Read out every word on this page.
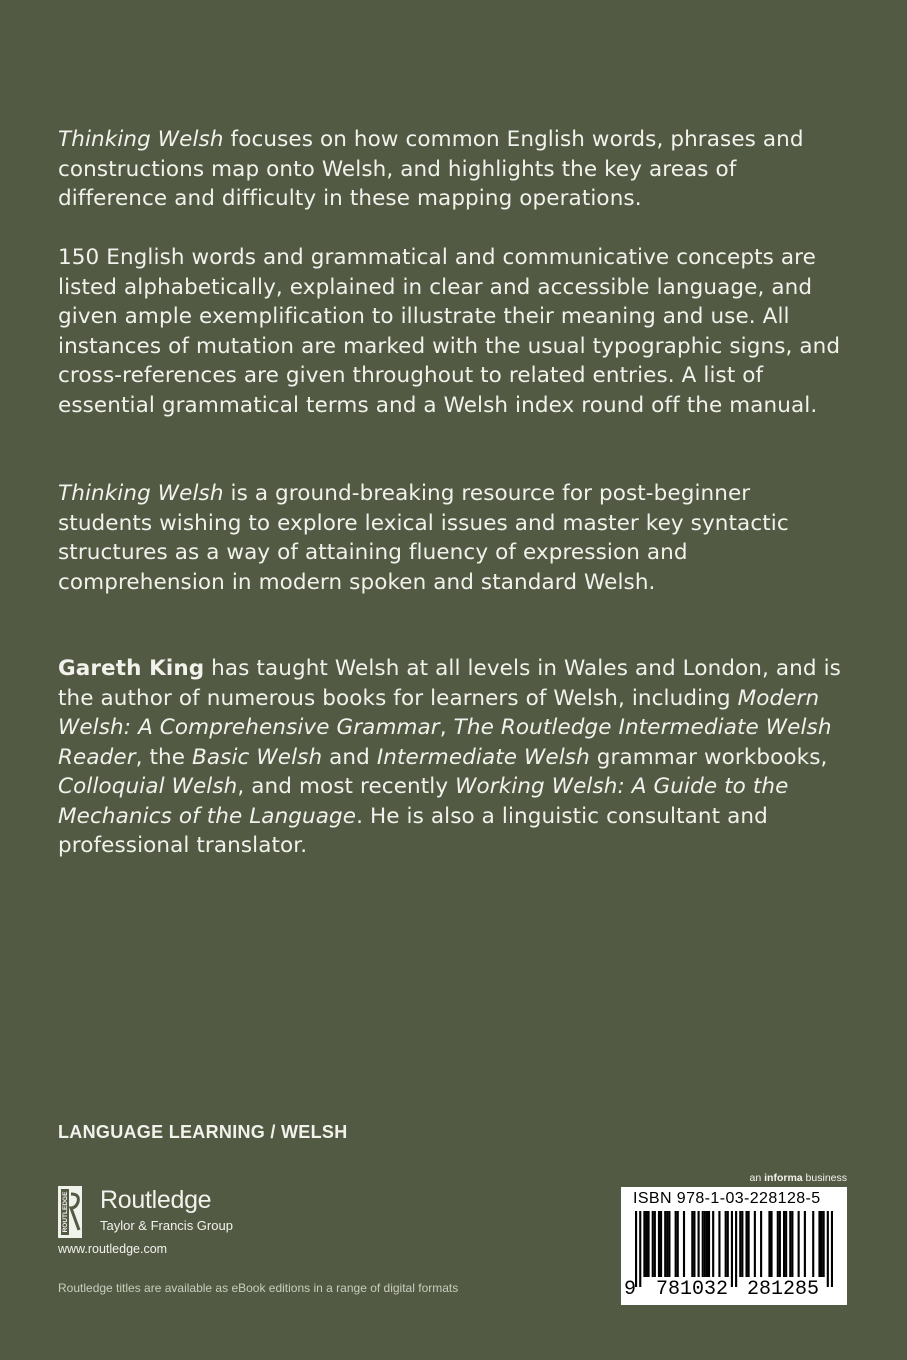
Thinking Welsh focuses on how common English words, phrases and constructions map onto Welsh, and highlights the key areas of difference and difficulty in these mapping operations.

150 English words and grammatical and communicative concepts are listed alphabetically, explained in clear and accessible language, and given ample exemplification to illustrate their meaning and use. All instances of mutation are marked with the usual typographic signs, and cross-references are given throughout to related entries. A list of essential grammatical terms and a Welsh index round off the manual.

Thinking Welsh is a ground-breaking resource for post-beginner students wishing to explore lexical issues and master key syntactic structures as a way of attaining fluency of expression and comprehension in modern spoken and standard Welsh.

Gareth King has taught Welsh at all levels in Wales and London, and is the author of numerous books for learners of Welsh, including Modern Welsh: A Comprehensive Grammar, The Routledge Intermediate Welsh Reader, the Basic Welsh and Intermediate Welsh grammar workbooks, Colloquial Welsh, and most recently Working Welsh: A Guide to the Mechanics of the Language. He is also a linguistic consultant and professional translator.

LANGUAGE LEARNING / WELSH
ROUTLEDGE Routledge
Taylor & Francis Group
www.routledge.com
Routledge titles are available as eBook editions in a range of digital formats
an informa business
ISBN 978-1-03-228128-5
9 781032 281285
